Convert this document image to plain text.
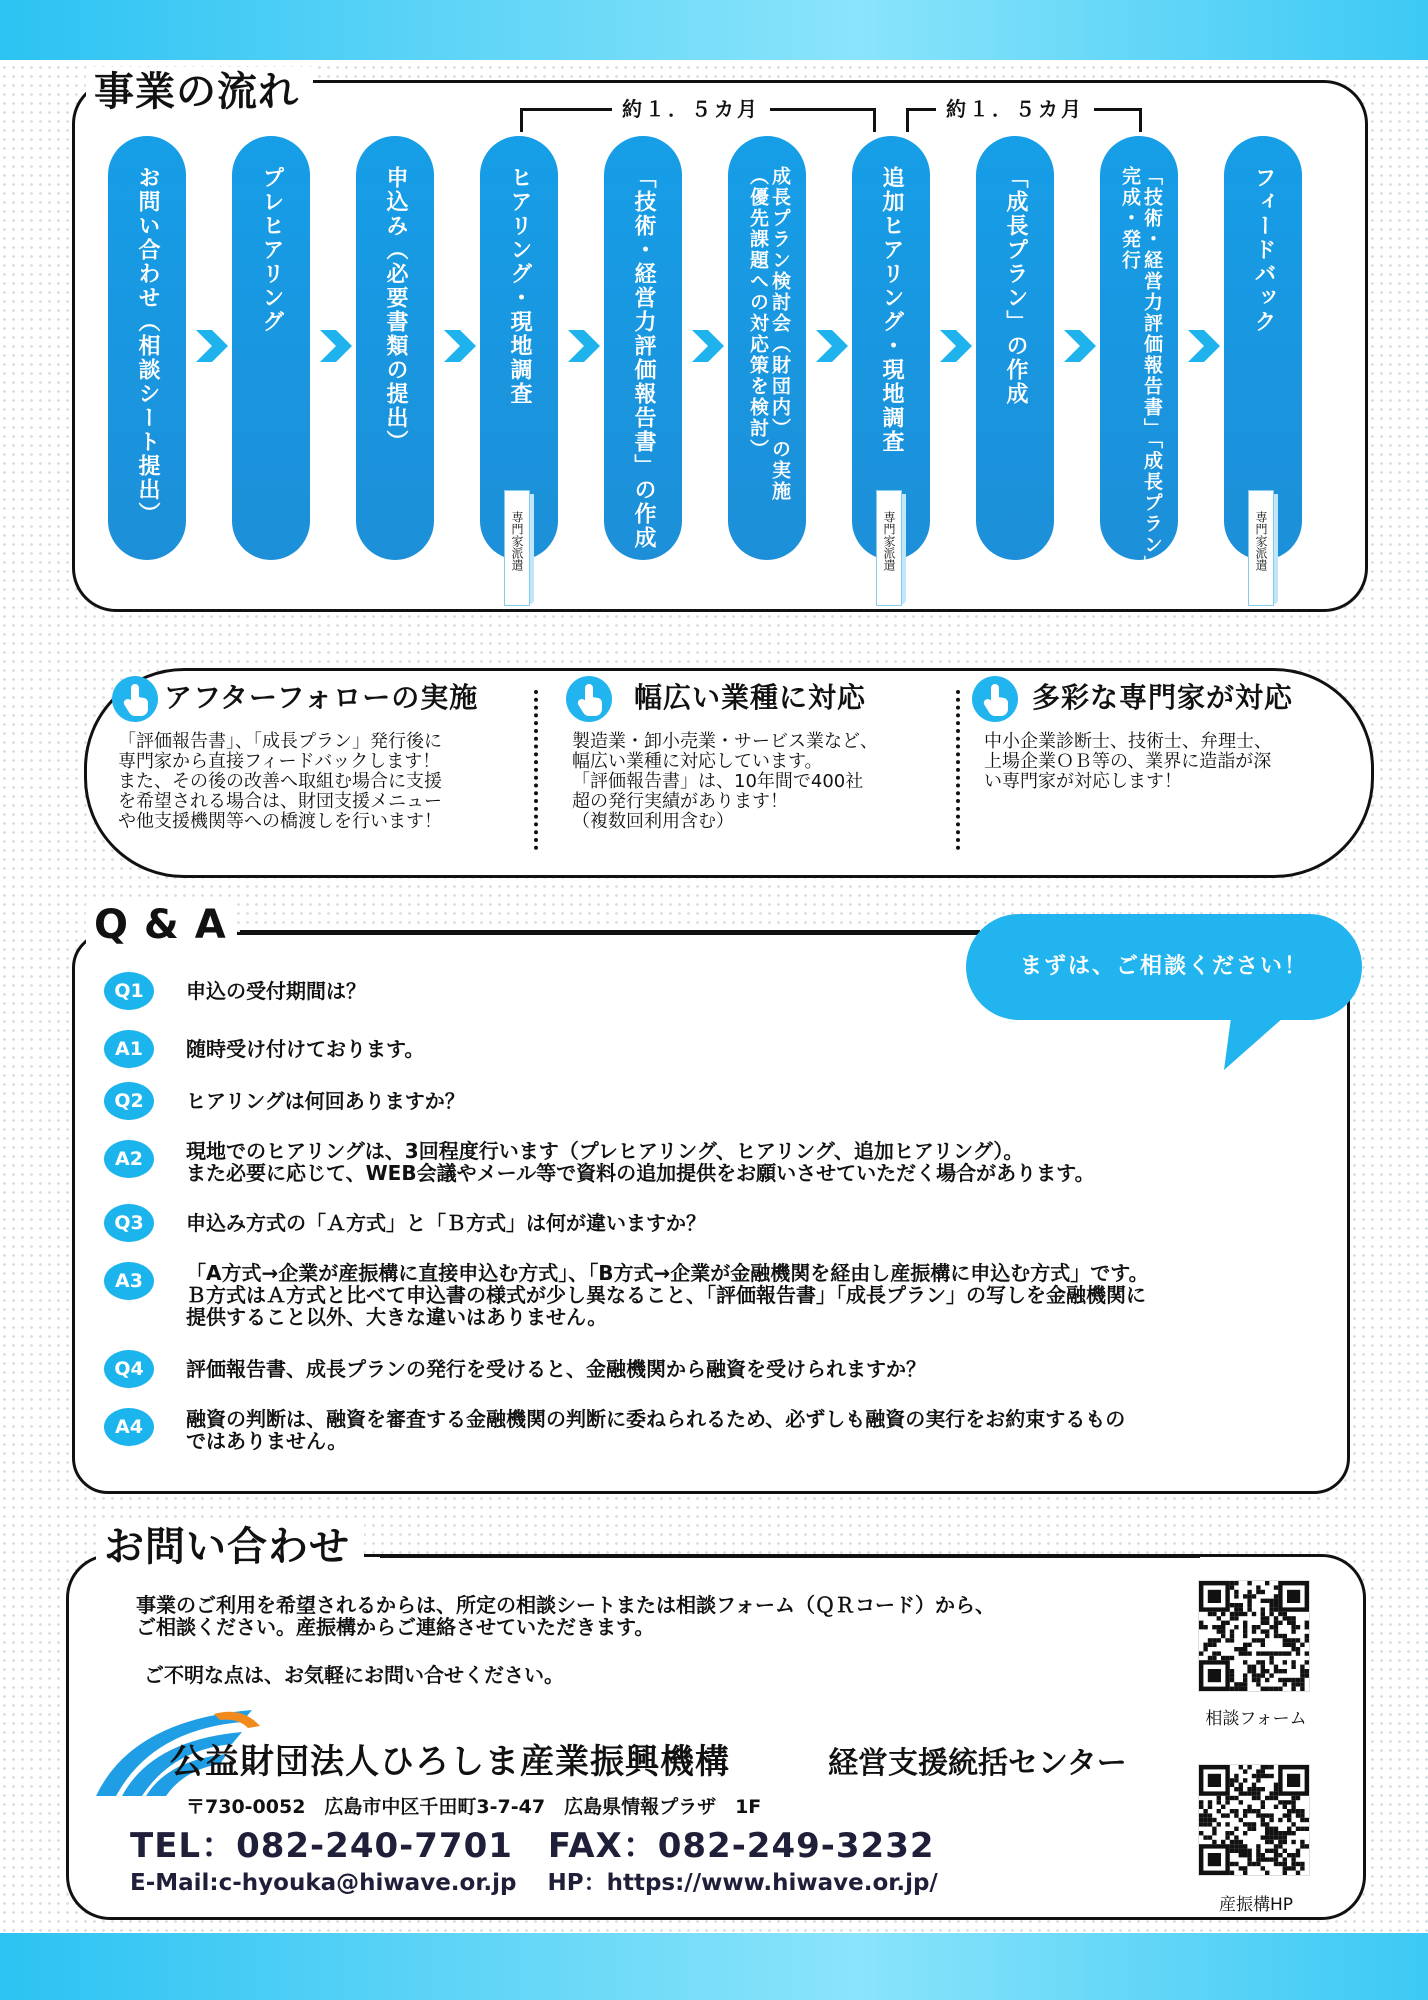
事業の流れ	約１．５カ月	約１．５カ月
お問い合わせ（相談シート提出）	プレヒアリング	申込み（必要書類の提出）	ヒアリング・現地調査
専門家派遣	「技術・経営力評価報告書」の作成	成長プラン検討会（財団内）の実施
（優先課題への対応策を検討）	追加ヒアリング・現地調査
専門家派遣
「成長プラン」の作成	「技術・経営力評価報告書」「成長プラン」の
完成・発行	フィードバック
専門家派遣
アフターフォローの実施
「評価報告書」、「成長プラン」発行後に
専門家から直接フィードバックします！
また、その後の改善へ取組む場合に支援
を希望される場合は、財団支援メニュー
や他支援機関等への橋渡しを行います！
幅広い業種に対応
製造業・卸小売業・サービス業など、
幅広い業種に対応しています。
「評価報告書」は、10年間で400社
超の発行実績があります！
（複数回利用含む）
多彩な専門家が対応
中小企業診断士、技術士、弁理士、
上場企業ＯＢ等の、業界に造詣が深
い専門家が対応します！
Q & A
まずは、ご相談ください！
Q1	申込の受付期間は？
A1	随時受け付けております。
Q2	ヒアリングは何回ありますか？
A2	現地でのヒアリングは、3回程度行います（プレヒアリング、ヒアリング、追加ヒアリング）。
また必要に応じて、WEB会議やメール等で資料の追加提供をお願いさせていただく場合があります。
Q3	申込み方式の「Ａ方式」と「Ｂ方式」は何が違いますか？
A3	「A方式→企業が産振構に直接申込む方式」、「B方式→企業が金融機関を経由し産振構に申込む方式」です。
Ｂ方式はＡ方式と比べて申込書の様式が少し異なること、「評価報告書」「成長プラン」の写しを金融機関に
提供すること以外、大きな違いはありません。
Q4	評価報告書、成長プランの発行を受けると、金融機関から融資を受けられますか？
A4	融資の判断は、融資を審査する金融機関の判断に委ねられるため、必ずしも融資の実行をお約束するもの
ではありません。
お問い合わせ
事業のご利用を希望されるからは、所定の相談シートまたは相談フォーム（ＱＲコード）から、
ご相談ください。産振構からご連絡させていただきます。
ご不明な点は、お気軽にお問い合せください。
公益財団法人ひろしま産業振興機構	経営支援統括センター
〒730-0052　広島市中区千田町3-7-47　広島県情報プラザ　1F
TEL：082-240-7701　FAX：082-249-3232
E-Mail:c-hyouka@hiwave.or.jp　 HP：https://www.hiwave.or.jp/
相談フォーム
産振構HP
